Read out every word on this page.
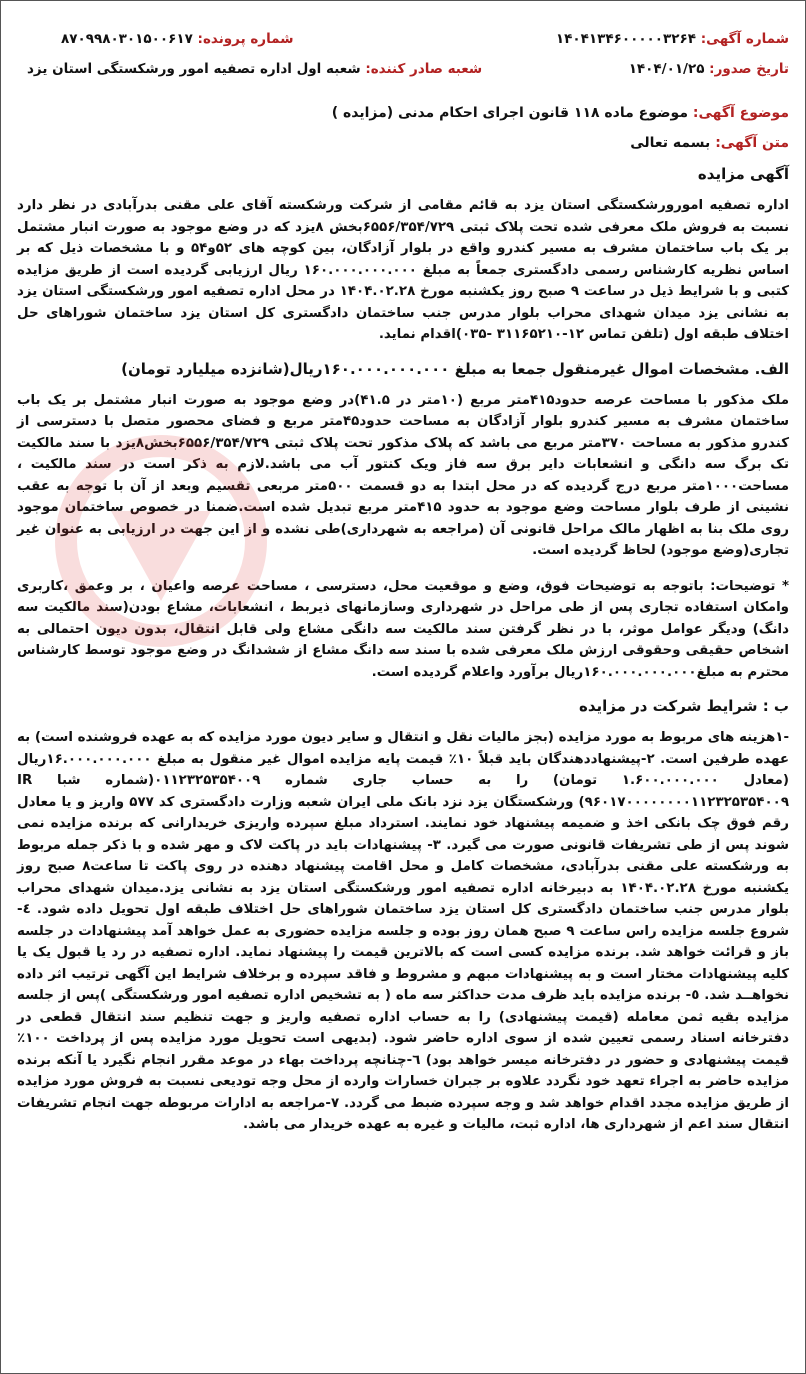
شماره آگهی: ۱۴۰۴۱۳۴۶۰۰۰۰۰۳۲۶۴
شماره پرونده: ۸۷۰۹۹۸۰۳۰۱۵۰۰۶۱۷
تاریخ صدور: ۱۴۰۴/۰۱/۲۵
شعبه صادر کننده: شعبه اول اداره تصفیه امور ورشکستگی استان یزد
موضوع آگهی: موضوع ماده ۱۱۸ قانون اجرای احکام مدنی (مزایده )
متن آگهی: بسمه تعالی
آگهی مزایده

اداره تصفیه امورورشکستگی استان یزد به قائم مقامی از شرکت ورشکسته آقای علی مقنی بدرآبادی در نظر دارد نسبت به فروش ملک معرفی شده تحت پلاک ثبتی ۶۵۵۶/۳۵۴/۷۲۹بخش ۸یزد که در وضع موجود به صورت انبار مشتمل بر یک باب ساختمان مشرف به مسیر کندرو واقع در بلوار آزادگان، بین کوچه های ۵۲و۵۴ و با مشخصات ذیل که بر اساس نظریه کارشناس رسمی دادگستری جمعاً به مبلغ ۱۶۰.۰۰۰.۰۰۰.۰۰۰ ریال ارزیابی گردیده است از طریق مزایده کتبی و با شرایط ذیل در ساعت ۹ صبح روز یکشنبه مورخ ۱۴۰۴.۰۲.۲۸ در محل اداره تصفیه امور ورشکستگی استان یزد به نشانی یزد میدان شهدای محراب بلوار مدرس جنب ساختمان دادگستری کل استان یزد ساختمان شوراهای حل اختلاف طبقه اول (تلفن تماس ۱۲-۳۱۱۶۵۲۱۰ -۰۳۵)اقدام نماید.

الف. مشخصات اموال غیرمنقول جمعا به مبلغ ۱۶۰.۰۰۰.۰۰۰.۰۰۰ریال(شانزده میلیارد تومان)

ملک مذکور با مساحت عرصه حدود۴۱۵متر مربع (۱۰متر در ۴۱.۵)در وضع موجود به صورت انبار مشتمل بر یک باب ساختمان مشرف به مسیر کندرو بلوار آزادگان به مساحت حدود۴۵متر مربع و فضای محصور متصل با دسترسی از کندرو مذکور به مساحت ۳۷۰متر مربع می باشد که پلاک مذکور تحت پلاک ثبتی ۶۵۵۶/۳۵۴/۷۲۹بخش۸یزد با سند مالکیت تک برگ سه دانگی و انشعابات دایر برق سه فاز ویک کنتور آب می باشد.لازم به ذکر است در سند مالکیت ، مساحت۱۰۰۰متر مربع درج گردیده که در محل ابتدا به دو قسمت ۵۰۰متر مربعی تقسیم وبعد از آن با توجه به عقب نشینی از طرف بلوار مساحت وضع موجود به حدود ۴۱۵متر مربع تبدیل شده است.ضمنا در خصوص ساختمان موجود روی ملک بنا به اظهار مالک مراحل قانونی آن (مراجعه به شهرداری)طی نشده و از این جهت در ارزیابی به عنوان غیر تجاری(وضع موجود) لحاظ گردیده است.

* توضیحات: باتوجه به توضیحات فوق، وضع و موقعیت محل، دسترسی ، مساحت عرصه واعیان ، بر وعمق ،کاربری وامکان استفاده تجاری پس از طی مراحل در شهرداری وسازمانهای ذیربط ، انشعابات، مشاع بودن(سند مالکیت سه دانگ) ودیگر عوامل موثر، با در نظر گرفتن سند مالکیت سه دانگی مشاع ولی قابل انتقال، بدون دیون احتمالی به اشخاص حقیقی وحقوقی ارزش ملک معرفی شده با سند سه دانگ مشاع از ششدانگ در وضع موجود توسط کارشناس محترم به مبلغ۱۶۰.۰۰۰.۰۰۰.۰۰۰ریال برآورد واعلام گردیده است.

ب : شرایط شرکت در مزایده

-۱هزینه های مربوط به مورد مزایده (بجز مالیات نقل و انتقال و سایر دیون مورد مزایده که به عهده فروشنده است) به عهده طرفین است. ۲-پیشنهاددهندگان باید قبلاً ۱۰٪ قیمت پایه مزایده اموال غیر منقول به مبلغ ۱۶.۰۰۰.۰۰۰.۰۰۰ریال (معادل ۱.۶۰۰.۰۰۰.۰۰۰ تومان) را به حساب جاری شماره ۰۱۱۲۳۲۵۳۵۴۰۰۹(شماره شبا IR ۹۶۰۱۷۰۰۰۰۰۰۰۰۱۱۲۳۲۵۳۵۴۰۰۹) ورشکستگان یزد نزد بانک ملی ایران شعبه وزارت دادگستری کد ۵۷۷ واریز و یا معادل رقم فوق چک بانکی اخذ و ضمیمه پیشنهاد خود نمایند. استرداد مبلغ سپرده واریزی خریدارانی که برنده مزایده نمی شوند پس از طی تشریفات قانونی صورت می گیرد. ۳- پیشنهادات باید در پاکت لاک و مهر شده و با ذکر جمله مربوط به ورشکسته علی مقنی بدرآبادی، مشخصات کامل و محل اقامت پیشنهاد دهنده در روی پاکت تا ساعت۸ صبح روز یکشنبه مورخ ۱۴۰۴.۰۲.۲۸ به دبیرخانه اداره تصفیه امور ورشکستگی استان یزد به نشانی یزد.میدان شهدای محراب بلوار مدرس جنب ساختمان دادگستری کل استان یزد ساختمان شوراهای حل اختلاف طبقه اول تحویل داده شود. ٤-شروع جلسه مزایده راس ساعت ۹ صبح همان روز بوده و جلسه مزایده حضوری به عمل خواهد آمد پیشنهادات در جلسه باز و قرائت خواهد شد. برنده مزایده کسی است که بالاترین قیمت را پیشنهاد نماید. اداره تصفیه در رد یا قبول یک یا کلیه پیشنهادات مختار است و به پیشنهادات مبهم و مشروط و فاقد سپرده و برخلاف شرایط این آگهی ترتیب اثر داده نخواهــد شد. ٥- برنده مزایده باید ظرف مدت حداکثر سه ماه ( به تشخیص اداره تصفیه امور ورشکستگی )پس از جلسه مزایده بقیه ثمن معامله (قیمت پیشنهادی) را به حساب اداره تصفیه واریز و جهت تنظیم سند انتقال قطعی در دفترخانه اسناد رسمی تعیین شده از سوی اداره حاضر شود. (بدیهی است تحویل مورد مزایده پس از پرداخت ۱۰۰٪ قیمت پیشنهادی و حضور در دفترخانه میسر خواهد بود) ٦-چنانچه پرداخت بهاء در موعد مقرر انجام نگیرد یا آنکه برنده مزایده حاضر به اجراء تعهد خود نگردد علاوه بر جبران خسارات وارده از محل وجه تودیعی نسبت به فروش مورد مزایده از طریق مزایده مجدد اقدام خواهد شد و وجه سپرده ضبط می گردد. ۷-مراجعه به ادارات مربوطه جهت انجام تشریفات انتقال سند اعم از شهرداری ها، اداره ثبت، مالیات و غیره به عهده خریدار می باشد.
